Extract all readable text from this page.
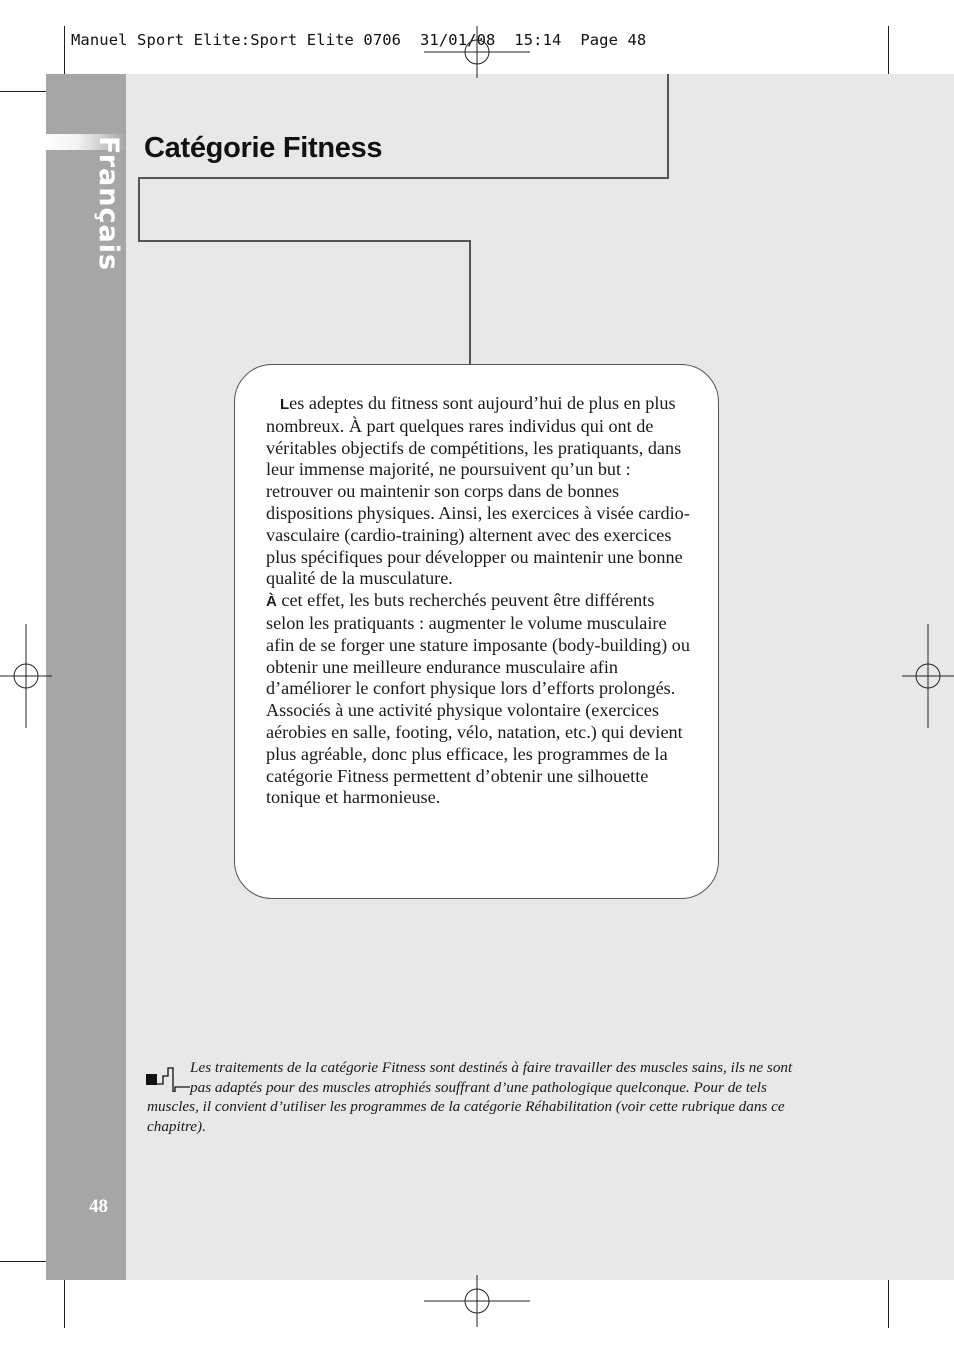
Manuel Sport Elite:Sport Elite 0706  31/01/08  15:14  Page 48
Français
48
Catégorie Fitness

Les adeptes du fitness sont aujourd’hui de plus en plus nombreux. À part quelques rares individus qui ont de véritables objectifs de compétitions, les pratiquants, dans leur immense majorité, ne poursuivent qu’un but : retrouver ou maintenir son corps dans de bonnes dispositions physiques. Ainsi, les exercices à visée cardio-vasculaire (cardio-training) alternent avec des exercices plus spécifiques pour développer ou maintenir une bonne qualité de la musculature.

À cet effet, les buts recherchés peuvent être différents selon les pratiquants : augmenter le volume musculaire afin de se forger une stature imposante (body-building) ou obtenir une meilleure endurance musculaire afin d’améliorer le confort physique lors d’efforts prolongés. Associés à une activité physique volontaire (exercices aérobies en salle, footing, vélo, natation, etc.) qui devient plus agréable, donc plus efficace, les programmes de la catégorie Fitness permettent d’obtenir une silhouette tonique et harmonieuse.

Les traitements de la catégorie Fitness sont destinés à faire travailler des muscles sains, ils ne sont pas adaptés pour des muscles atrophiés souffrant d’une pathologique quelconque. Pour de tels muscles, il convient d’utiliser les programmes de la catégorie Réhabilitation (voir cette rubrique dans ce chapitre).
